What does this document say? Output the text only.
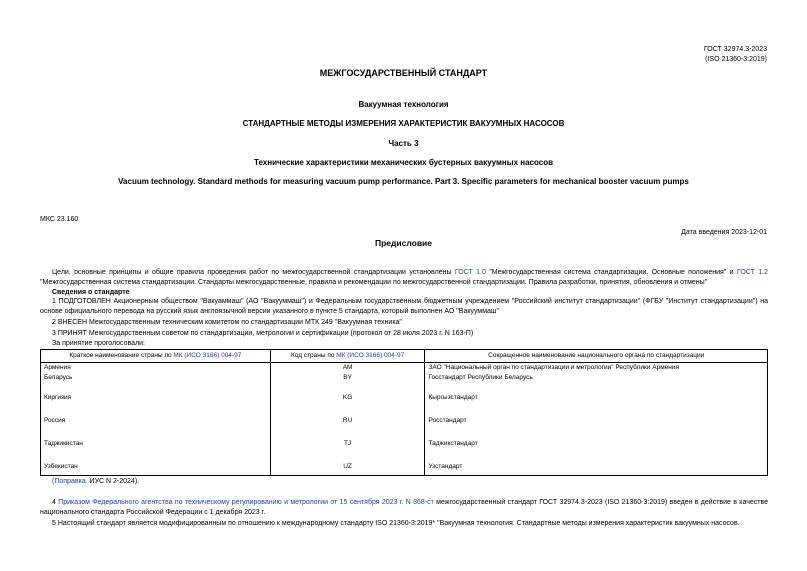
ГОСТ 32974.3-2023
(ISO 21360-3:2019)
МЕЖГОСУДАРСТВЕННЫЙ СТАНДАРТ
Вакуумная технология
СТАНДАРТНЫЕ МЕТОДЫ ИЗМЕРЕНИЯ ХАРАКТЕРИСТИК ВАКУУМНЫХ НАСОСОВ
Часть 3
Технические характеристики механических бустерных вакуумных насосов
Vacuum technology. Standard methods for measuring vacuum pump performance. Part 3. Specific parameters for mechanical booster vacuum pumps
МКС 23.160
Дата введения 2023-12-01
Предисловие
Цели, основные принципы и общие правила проведения работ по межгосударственной стандартизации установлены ГОСТ 1.0 "Межгосударственная система стандартизации. Основные положения" и ГОСТ 1.2 "Межгосударственная система стандартизации. Стандарты межгосударственные, правила и рекомендации по межгосударственной стандартизации. Правила разработки, принятия, обновления и отмены"
Сведения о стандарте
1 ПОДГОТОВЛЕН Акционерным обществом "Вакуаммаш" (АО "Вакууммаш") и Федеральным государственным бюджетным учреждением "Российский институт стандартизации" (ФГБУ "Институт стандартизации") на основе официального перевода на русский язык англоязычной версии указанного в пункте 5 стандарта, который выполнен АО "Вакууммаш"
2 ВНЕСЕН Межгосударственным техническим комитетом по стандартизации МТК 249 "Вакуумная техника"
3 ПРИНЯТ Межгосударственным советом по стандартизации, метрологии и сертификации (протокол от 28 июля 2023 г. N 163-П)
За принятие проголосовали:
Краткое наименование страны по МК (ИСО 3166) 004-97	Код страны по МК (ИСО 3166) 004-97	Сокращенное наименование национального органа по стандартизации
Армения	AM	ЗАО "Национальный орган по стандартизации и метрологии" Республики Армения
Беларусь	BY	Госстандарт Республики Беларусь
Киргизия	KG	Кыргызстандарт
Россия	RU	Росстандарт
Таджикистан	TJ	Таджикстандарт
Узбекистан	UZ	Узстандарт
(Поправка. ИУС N 2-2024).
4 Приказом Федерального агентства по техническому регулированию и метрологии от 15 сентября 2023 г. N 868-ст межгосударственный стандарт ГОСТ 32974.3-2023 (ISO 21360-3:2019) введен в действие в качестве национального стандарта Российской Федерации с 1 декабря 2023 г.
5 Настоящий стандарт является модифицированным по отношению к международному стандарту ISO 21360-3:2019* "Вакуумная технология. Стандартные методы измерения характеристик вакуумных насосов.
